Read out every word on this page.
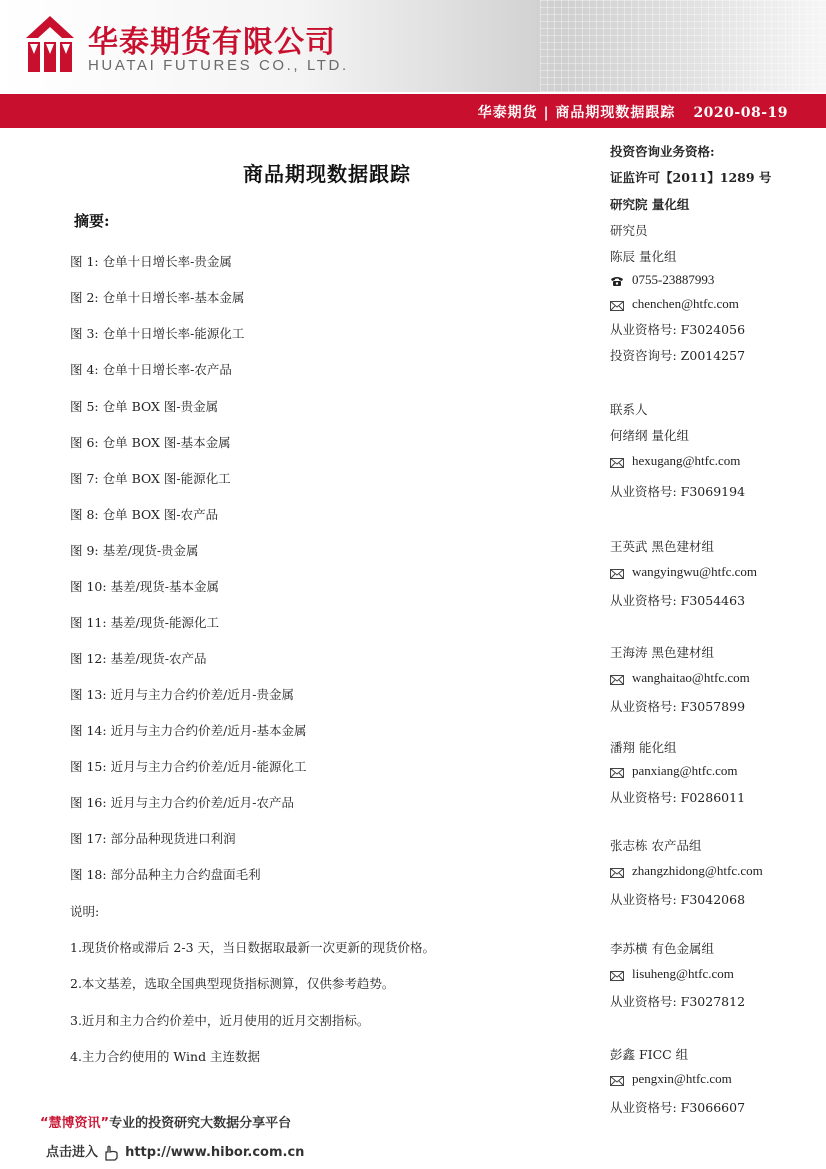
华泰期货有限公司
HUATAI FUTURES CO., LTD.
华泰期货 | 商品期现数据跟踪 2020-08-19
商品期现数据跟踪
摘要:
图 1: 仓单十日增长率-贵金属
图 2: 仓单十日增长率-基本金属
图 3: 仓单十日增长率-能源化工
图 4: 仓单十日增长率-农产品
图 5: 仓单 BOX 图-贵金属
图 6: 仓单 BOX 图-基本金属
图 7: 仓单 BOX 图-能源化工
图 8: 仓单 BOX 图-农产品
图 9: 基差/现货-贵金属
图 10: 基差/现货-基本金属
图 11: 基差/现货-能源化工
图 12: 基差/现货-农产品
图 13: 近月与主力合约价差/近月-贵金属
图 14: 近月与主力合约价差/近月-基本金属
图 15: 近月与主力合约价差/近月-能源化工
图 16: 近月与主力合约价差/近月-农产品
图 17: 部分品种现货进口利润
图 18: 部分品种主力合约盘面毛利
说明:
1.现货价格或滞后 2-3 天，当日数据取最新一次更新的现货价格。
2.本文基差，选取全国典型现货指标测算，仅供参考趋势。
3.近月和主力合约价差中，近月使用的近月交割指标。
4.主力合约使用的 Wind 主连数据
投资咨询业务资格:
证监许可【2011】1289 号
研究院 量化组
研究员
陈辰 量化组
0755-23887993
chenchen@htfc.com
从业资格号: F3024056
投资咨询号: Z0014257
联系人
何绪纲 量化组
hexugang@htfc.com
从业资格号: F3069194
王英武 黑色建材组
wangyingwu@htfc.com
从业资格号: F3054463
王海涛 黑色建材组
wanghaitao@htfc.com
从业资格号: F3057899
潘翔 能化组
panxiang@htfc.com
从业资格号: F0286011
张志栋 农产品组
zhangzhidong@htfc.com
从业资格号: F3042068
李苏横 有色金属组
lisuheng@htfc.com
从业资格号: F3027812
彭鑫 FICC 组
pengxin@htfc.com
从业资格号: F3066607
“慧博资讯”专业的投资研究大数据分享平台
点击进入 http://www.hibor.com.cn
